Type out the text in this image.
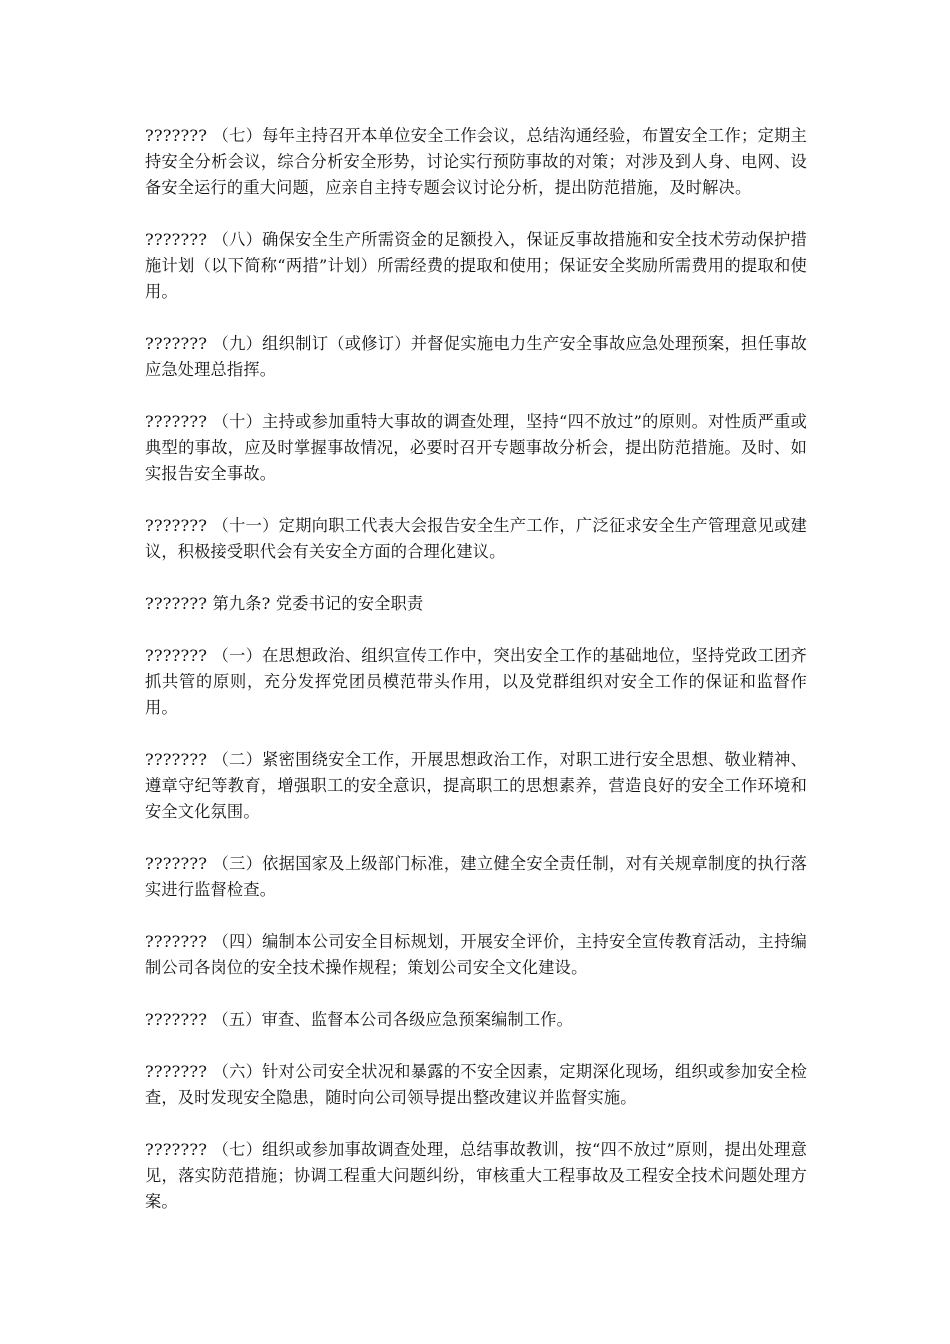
??????? （七）每年主持召开本单位安全工作会议，总结沟通经验，布置安全工作；定期主持安全分析会议，综合分析安全形势，讨论实行预防事故的对策；对涉及到人身、电网、设备安全运行的重大问题，应亲自主持专题会议讨论分析，提出防范措施，及时解决。

??????? （八）确保安全生产所需资金的足额投入，保证反事故措施和安全技术劳动保护措施计划（以下简称“两措”计划）所需经费的提取和使用；保证安全奖励所需费用的提取和使用。

??????? （九）组织制订（或修订）并督促实施电力生产安全事故应急处理预案，担任事故应急处理总指挥。

??????? （十）主持或参加重特大事故的调查处理，坚持“四不放过”的原则。对性质严重或典型的事故，应及时掌握事故情况，必要时召开专题事故分析会，提出防范措施。及时、如实报告安全事故。

??????? （十一）定期向职工代表大会报告安全生产工作，广泛征求安全生产管理意见或建议，积极接受职代会有关安全方面的合理化建议。

??????? 第九条? 党委书记的安全职责

??????? （一）在思想政治、组织宣传工作中，突出安全工作的基础地位，坚持党政工团齐抓共管的原则，充分发挥党团员模范带头作用，以及党群组织对安全工作的保证和监督作用。

??????? （二）紧密围绕安全工作，开展思想政治工作，对职工进行安全思想、敬业精神、遵章守纪等教育，增强职工的安全意识，提高职工的思想素养，营造良好的安全工作环境和安全文化氛围。

??????? （三）依据国家及上级部门标准，建立健全安全责任制，对有关规章制度的执行落实进行监督检查。

??????? （四）编制本公司安全目标规划，开展安全评价，主持安全宣传教育活动，主持编制公司各岗位的安全技术操作规程；策划公司安全文化建设。

??????? （五）审查、监督本公司各级应急预案编制工作。

??????? （六）针对公司安全状况和暴露的不安全因素，定期深化现场，组织或参加安全检查，及时发现安全隐患，随时向公司领导提出整改建议并监督实施。

??????? （七）组织或参加事故调查处理，总结事故教训，按“四不放过”原则，提出处理意见，落实防范措施；协调工程重大问题纠纷，审核重大工程事故及工程安全技术问题处理方案。
